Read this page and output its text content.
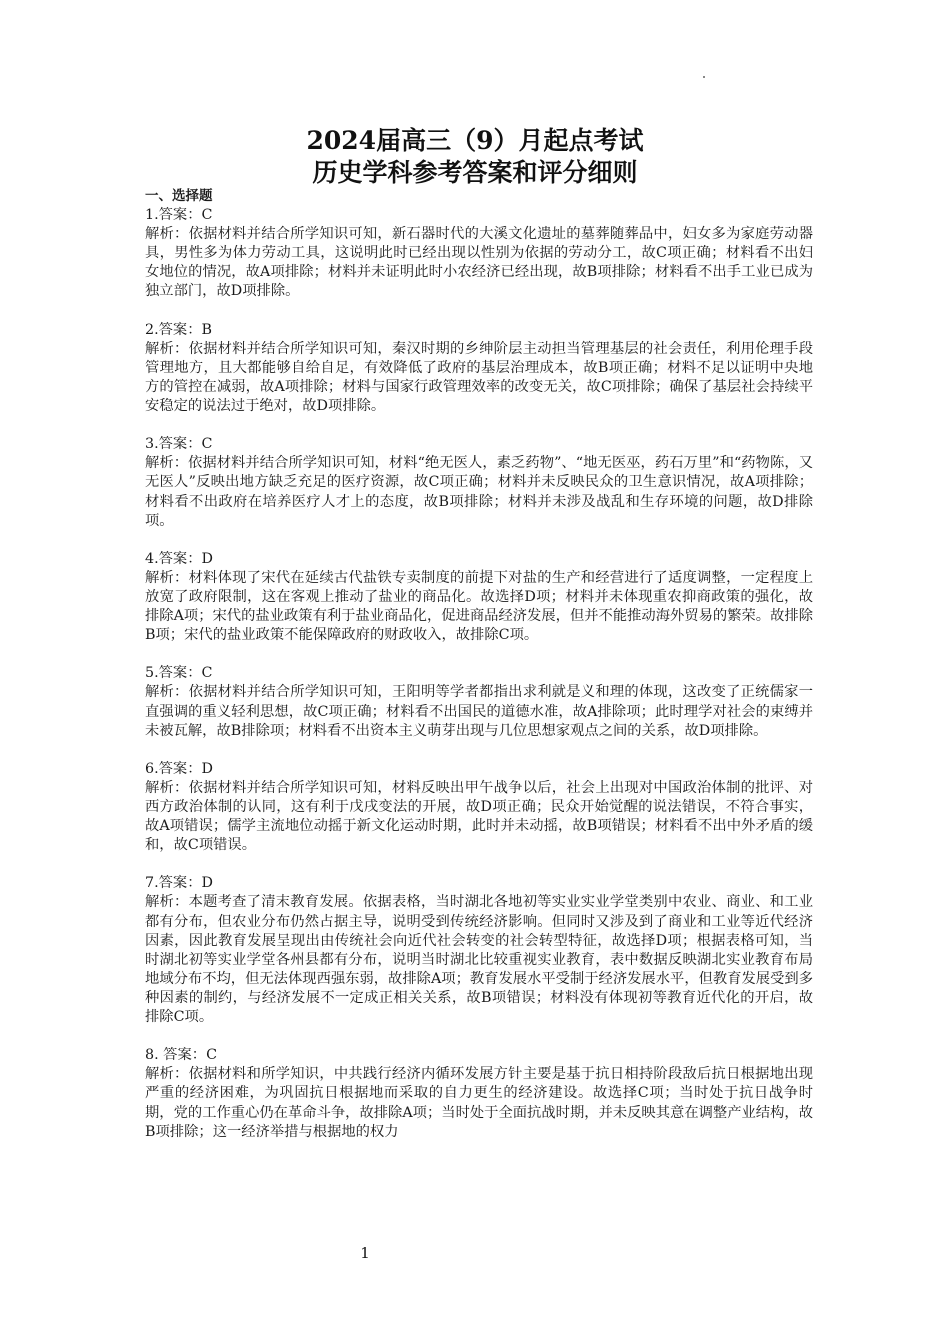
2024届高三（9）月起点考试
历史学科参考答案和评分细则

一、选择题

1.答案：C

解析：依据材料并结合所学知识可知，新石器时代的大溪文化遗址的墓葬随葬品中，妇女多为家庭劳动器具，男性多为体力劳动工具，这说明此时已经出现以性别为依据的劳动分工，故C项正确；材料看不出妇女地位的情况，故A项排除；材料并未证明此时小农经济已经出现，故B项排除；材料看不出手工业已成为独立部门，故D项排除。

2.答案：B

解析：依据材料并结合所学知识可知，秦汉时期的乡绅阶层主动担当管理基层的社会责任，利用伦理手段管理地方，且大都能够自给自足，有效降低了政府的基层治理成本，故B项正确；材料不足以证明中央地方的管控在减弱，故A项排除；材料与国家行政管理效率的改变无关，故C项排除；确保了基层社会持续平安稳定的说法过于绝对，故D项排除。

3.答案：C

解析：依据材料并结合所学知识可知，材料“绝无医人，素乏药物”、“地无医巫，药石万里”和“药物陈，又无医人”反映出地方缺乏充足的医疗资源，故C项正确；材料并未反映民众的卫生意识情况，故A项排除；材料看不出政府在培养医疗人才上的态度，故B项排除；材料并未涉及战乱和生存环境的问题，故D排除项。

4.答案：D

解析：材料体现了宋代在延续古代盐铁专卖制度的前提下对盐的生产和经营进行了适度调整，一定程度上放宽了政府限制，这在客观上推动了盐业的商品化。故选择D项；材料并未体现重农抑商政策的强化，故排除A项；宋代的盐业政策有利于盐业商品化，促进商品经济发展，但并不能推动海外贸易的繁荣。故排除B项；宋代的盐业政策不能保障政府的财政收入，故排除C项。

5.答案：C

解析：依据材料并结合所学知识可知，王阳明等学者都指出求利就是义和理的体现，这改变了正统儒家一直强调的重义轻利思想，故C项正确；材料看不出国民的道德水准，故A排除项；此时理学对社会的束缚并未被瓦解，故B排除项；材料看不出资本主义萌芽出现与几位思想家观点之间的关系，故D项排除。

6.答案：D

解析：依据材料并结合所学知识可知，材料反映出甲午战争以后，社会上出现对中国政治体制的批评、对西方政治体制的认同，这有利于戊戌变法的开展，故D项正确；民众开始觉醒的说法错误，不符合事实，故A项错误；儒学主流地位动摇于新文化运动时期，此时并未动摇，故B项错误；材料看不出中外矛盾的缓和，故C项错误。

7.答案：D

解析：本题考查了清末教育发展。依据表格，当时湖北各地初等实业实业学堂类别中农业、商业、和工业都有分布，但农业分布仍然占据主导，说明受到传统经济影响。但同时又涉及到了商业和工业等近代经济因素，因此教育发展呈现出由传统社会向近代社会转变的社会转型特征，故选择D项；根据表格可知，当时湖北初等实业学堂各州县都有分布，说明当时湖北比较重视实业教育，表中数据反映湖北实业教育布局地域分布不均，但无法体现西强东弱，故排除A项；教育发展水平受制于经济发展水平，但教育发展受到多种因素的制约，与经济发展不一定成正相关关系，故B项错误；材料没有体现初等教育近代化的开启，故排除C项。

8. 答案：C

解析：依据材料和所学知识，中共践行经济内循环发展方针主要是基于抗日相持阶段敌后抗日根据地出现严重的经济困难，为巩固抗日根据地而采取的自力更生的经济建设。故选择C项；当时处于抗日战争时期，党的工作重心仍在革命斗争，故排除A项；当时处于全面抗战时期，并未反映其意在调整产业结构，故B项排除；这一经济举措与根据地的权力

1
